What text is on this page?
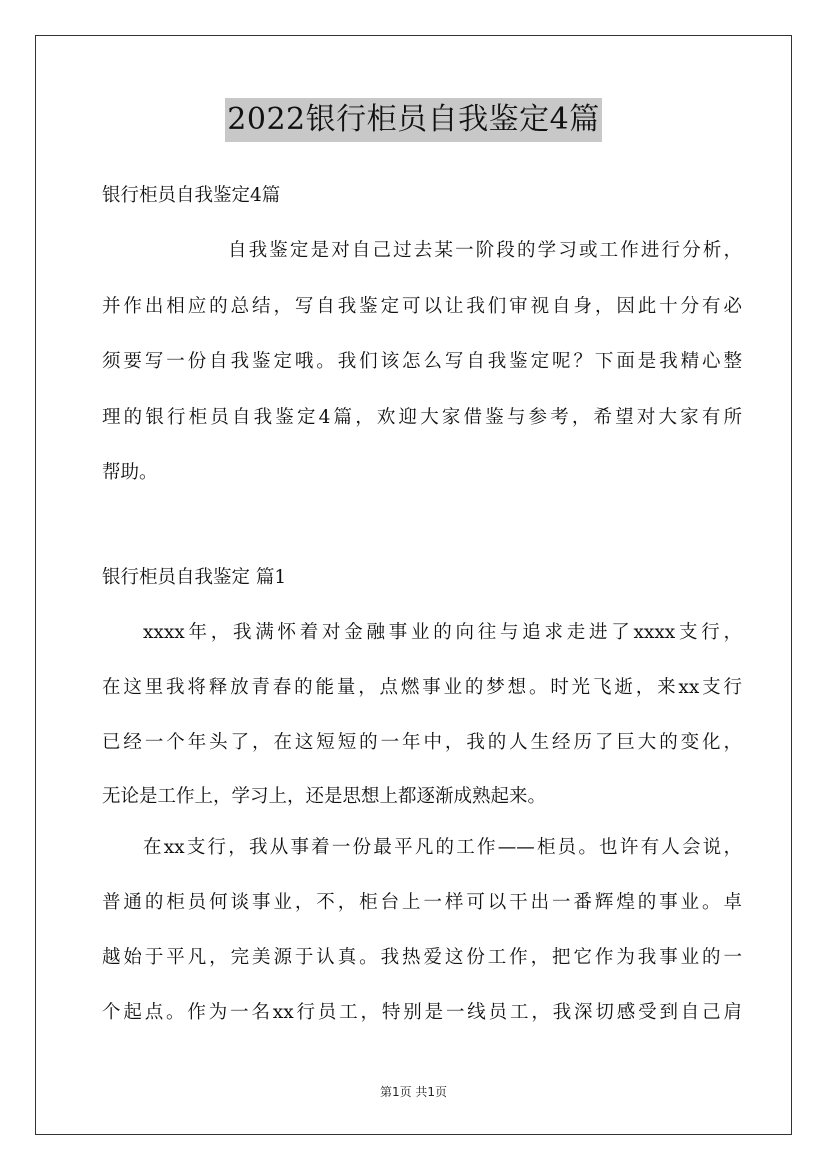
2022银行柜员自我鉴定4篇

银行柜员自我鉴定4篇

自我鉴定是对自己过去某一阶段的学习或工作进行分析，

并作出相应的总结，写自我鉴定可以让我们审视自身，因此十分有必

须要写一份自我鉴定哦。我们该怎么写自我鉴定呢？下面是我精心整

理的银行柜员自我鉴定4篇，欢迎大家借鉴与参考，希望对大家有所

帮助。

银行柜员自我鉴定 篇1

xxxx年，我满怀着对金融事业的向往与追求走进了xxxx支行，

在这里我将释放青春的能量，点燃事业的梦想。时光飞逝，来xx支行

已经一个年头了，在这短短的一年中，我的人生经历了巨大的变化，

无论是工作上，学习上，还是思想上都逐渐成熟起来。

在xx支行，我从事着一份最平凡的工作——柜员。也许有人会说，

普通的柜员何谈事业，不，柜台上一样可以干出一番辉煌的事业。卓

越始于平凡，完美源于认真。我热爱这份工作，把它作为我事业的一

个起点。作为一名xx行员工，特别是一线员工，我深切感受到自己肩

第1页 共1页
